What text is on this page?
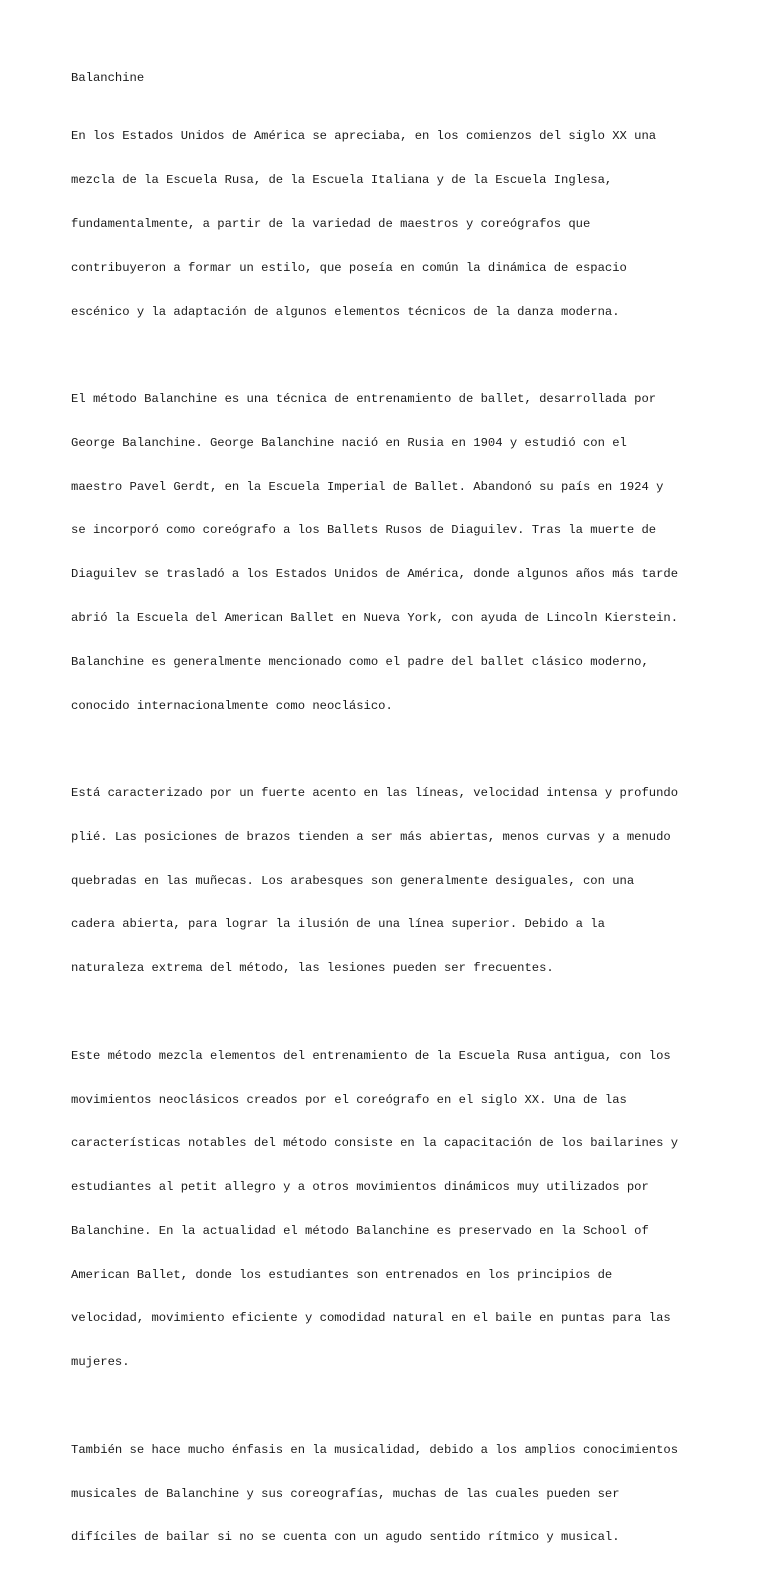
Balanchine

En los Estados Unidos de América se apreciaba, en los comienzos del siglo XX una

mezcla de la Escuela Rusa, de la Escuela Italiana y de la Escuela Inglesa,

fundamentalmente, a partir de la variedad de maestros y coreógrafos que

contribuyeron a formar un estilo, que poseía en común la dinámica de espacio

escénico y la adaptación de algunos elementos técnicos de la danza moderna.

El método Balanchine es una técnica de entrenamiento de ballet, desarrollada por

George Balanchine. George Balanchine nació en Rusia en 1904 y estudió con el

maestro Pavel Gerdt, en la Escuela Imperial de Ballet. Abandonó su país en 1924 y

se incorporó como coreógrafo a los Ballets Rusos de Diaguilev. Tras la muerte de

Diaguilev se trasladó a los Estados Unidos de América, donde algunos años más tarde

abrió la Escuela del American Ballet en Nueva York, con ayuda de Lincoln Kierstein.

Balanchine es generalmente mencionado como el padre del ballet clásico moderno,

conocido internacionalmente como neoclásico.

Está caracterizado por un fuerte acento en las líneas, velocidad intensa y profundo

plié. Las posiciones de brazos tienden a ser más abiertas, menos curvas y a menudo

quebradas en las muñecas. Los arabesques son generalmente desiguales, con una

cadera abierta, para lograr la ilusión de una línea superior. Debido a la

naturaleza extrema del método, las lesiones pueden ser frecuentes.

Este método mezcla elementos del entrenamiento de la Escuela Rusa antigua, con los

movimientos neoclásicos creados por el coreógrafo en el siglo XX. Una de las

características notables del método consiste en la capacitación de los bailarines y

estudiantes al petit allegro y a otros movimientos dinámicos muy utilizados por

Balanchine. En la actualidad el método Balanchine es preservado en la School of

American Ballet, donde los estudiantes son entrenados en los principios de

velocidad, movimiento eficiente y comodidad natural en el baile en puntas para las

mujeres.

También se hace mucho énfasis en la musicalidad, debido a los amplios conocimientos

musicales de Balanchine y sus coreografías, muchas de las cuales pueden ser

difíciles de bailar si no se cuenta con un agudo sentido rítmico y musical.
